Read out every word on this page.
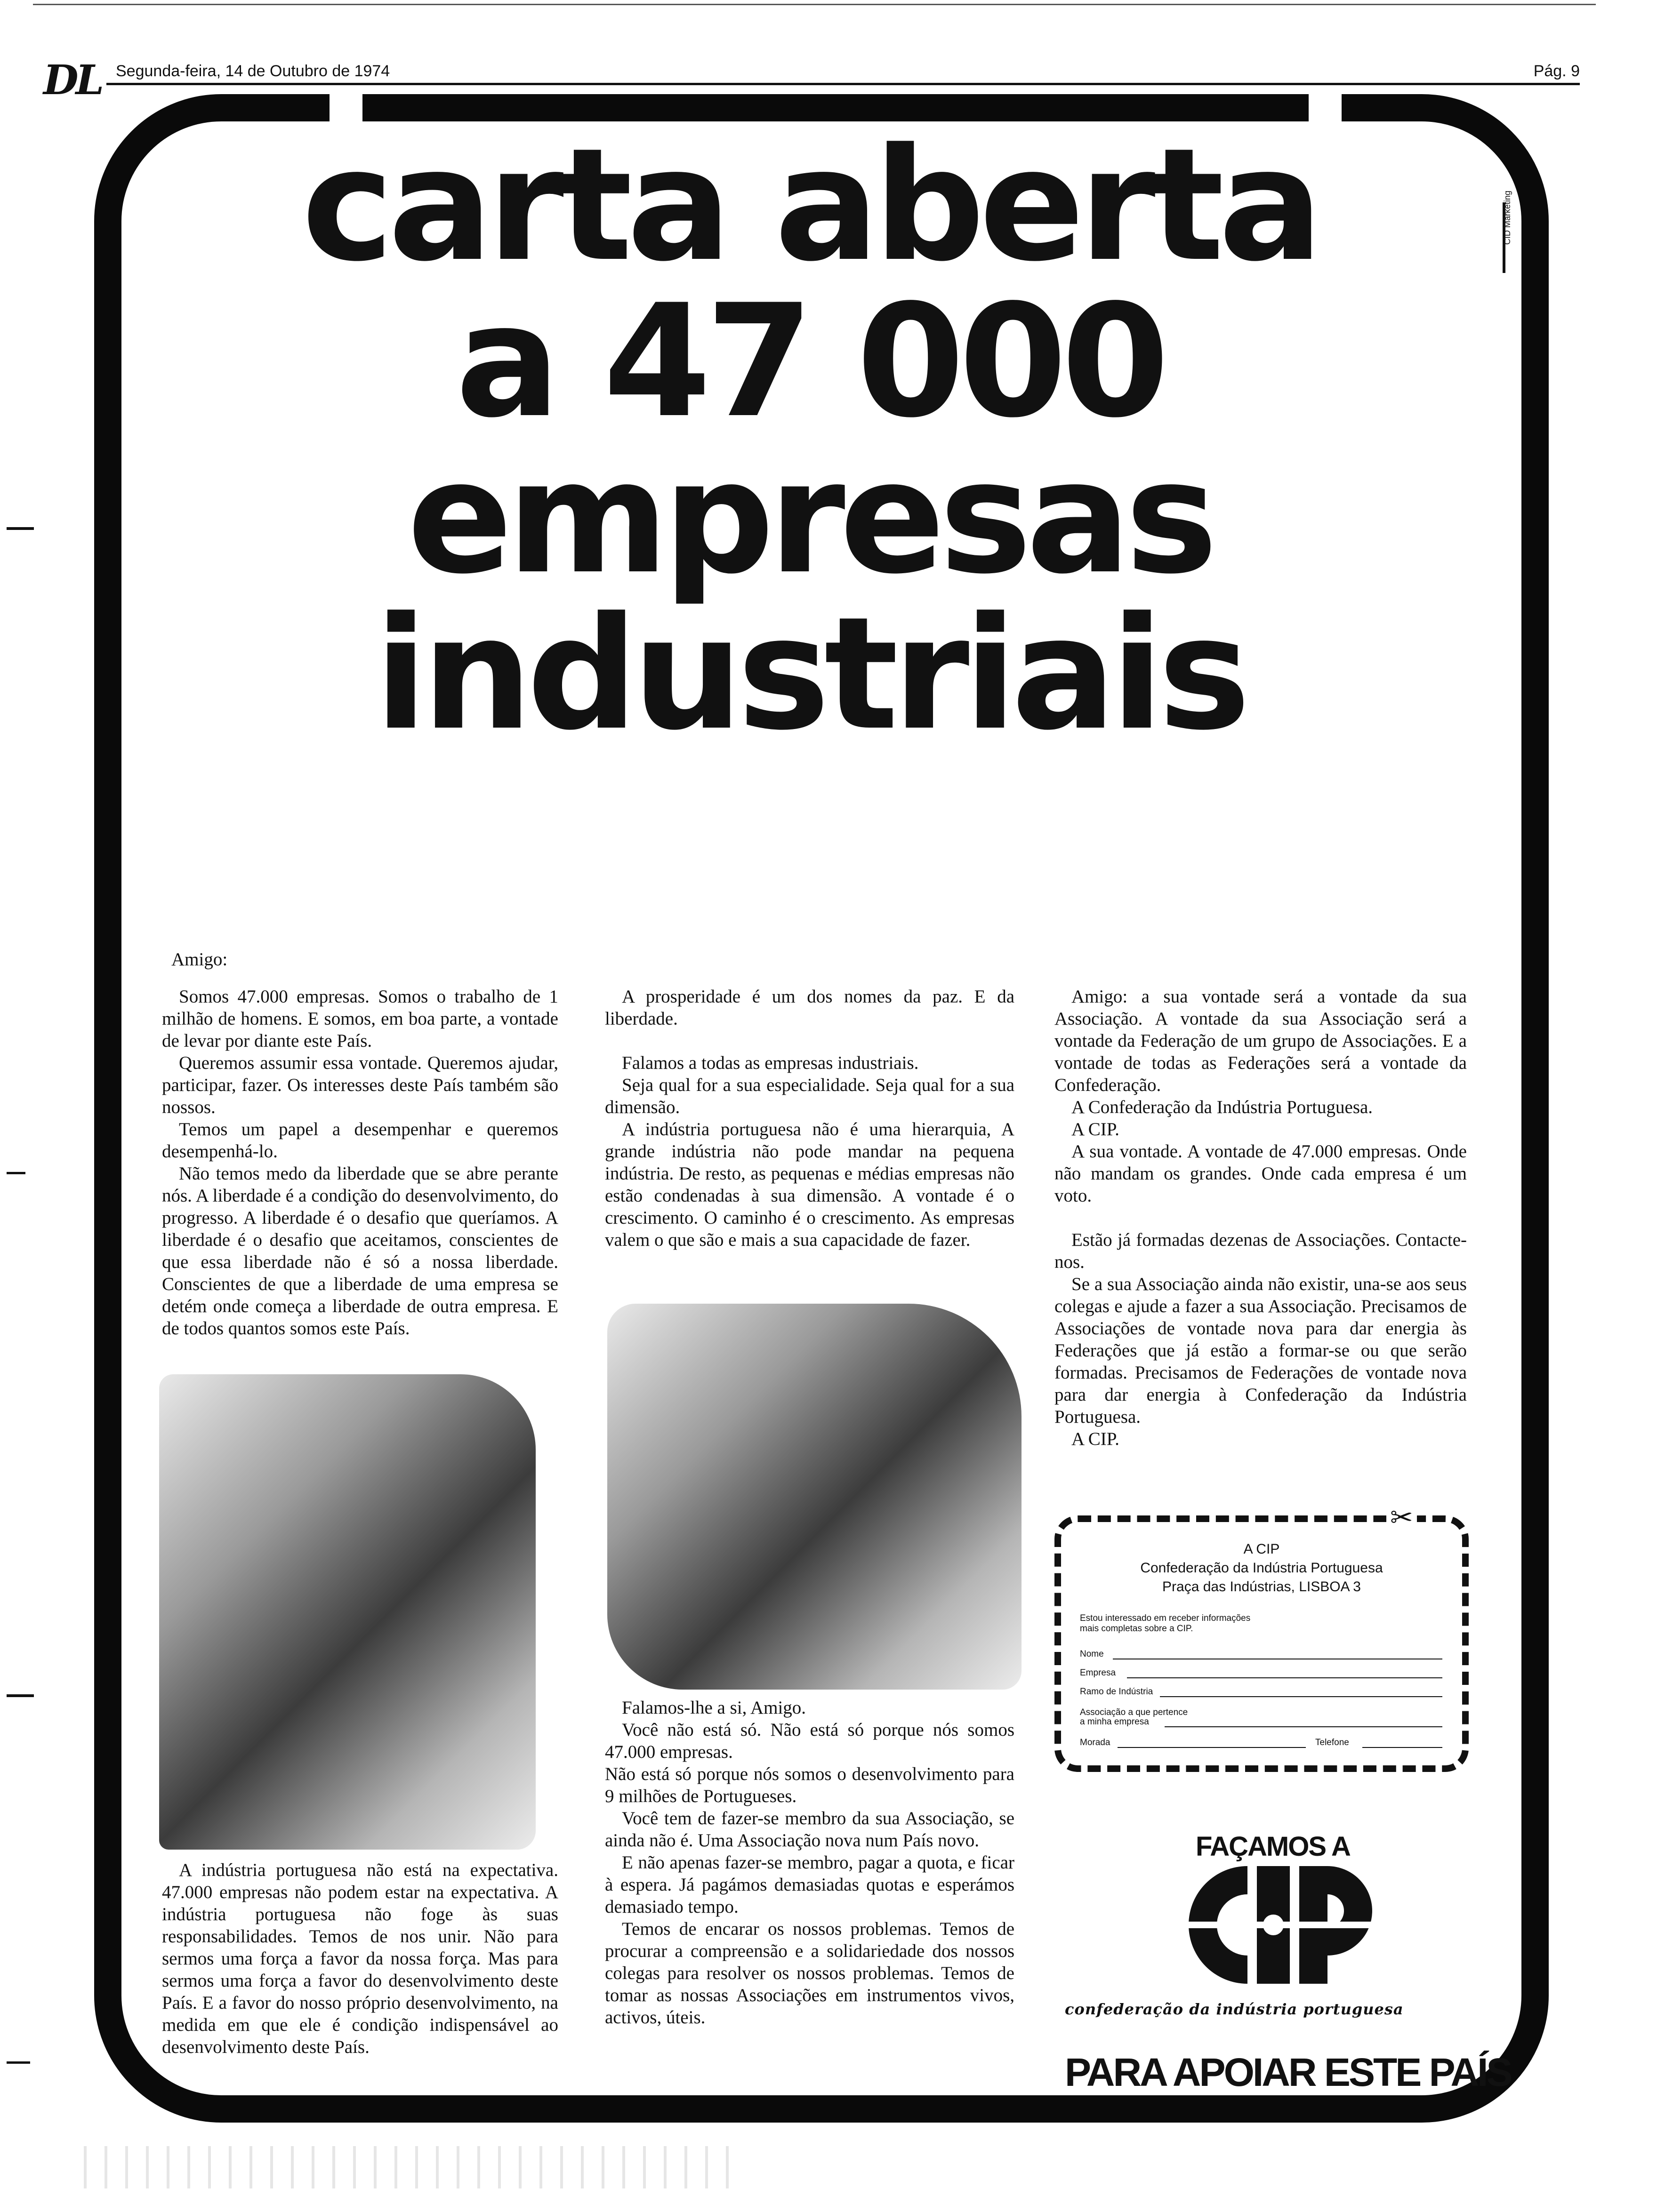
DL Segunda-feira, 14 de Outubro de 1974	Pág. 9
CID Marketing
carta aberta
a 47 000
empresas
industriais
Amigo:

Somos 47.000 empresas. Somos o trabalho de 1 milhão de homens. E somos, em boa parte, a vontade de levar por diante este País.

Queremos assumir essa vontade. Queremos ajudar, participar, fazer. Os interesses deste País também são nossos.

Temos um papel a desempenhar e queremos desempenhá-lo.

Não temos medo da liberdade que se abre perante nós. A liberdade é a condição do desenvolvimento, do progresso. A liberdade é o desafio que queríamos. A liberdade é o desafio que aceitamos, conscientes de que essa liberdade não é só a nossa liberdade. Conscientes de que a liberdade de uma empresa se detém onde começa a liberdade de outra empresa. E de todos quantos somos este País.

A indústria portuguesa não está na expectativa. 47.000 empresas não podem estar na expectativa. A indústria portuguesa não foge às suas responsabilidades. Temos de nos unir. Não para sermos uma força a favor da nossa força. Mas para sermos uma força a favor do desenvolvimento deste País. E a favor do nosso próprio desenvolvimento, na medida em que ele é condição indispensável ao desenvolvimento deste País.

A prosperidade é um dos nomes da paz. E da liberdade.

Falamos a todas as empresas industriais.

Seja qual for a sua especialidade. Seja qual for a sua dimensão.

A indústria portuguesa não é uma hierarquia, A grande indústria não pode mandar na pequena indústria. De resto, as pequenas e médias empresas não estão condenadas à sua dimensão. A vontade é o crescimento. O caminho é o crescimento. As empresas valem o que são e mais a sua capacidade de fazer.

Falamos-lhe a si, Amigo.

Você não está só. Não está só porque nós somos 47.000 empresas.

Não está só porque nós somos o desenvolvimento para 9 milhões de Portugueses.

Você tem de fazer-se membro da sua Associação, se ainda não é. Uma Associação nova num País novo.

E não apenas fazer-se membro, pagar a quota, e ficar à espera. Já pagámos demasiadas quotas e esperámos demasiado tempo.

Temos de encarar os nossos problemas. Temos de procurar a compreensão e a solidariedade dos nossos colegas para resolver os nossos problemas. Temos de tomar as nossas Associações em instrumentos vivos, activos, úteis.

Amigo: a sua vontade será a vontade da sua Associação. A vontade da sua Associação será a vontade da Federação de um grupo de Associações. E a vontade de todas as Federações será a vontade da Confederação.

A Confederação da Indústria Portuguesa.

A CIP.

A sua vontade. A vontade de 47.000 empresas. Onde não mandam os grandes. Onde cada empresa é um voto.

Estão já formadas dezenas de Associações. Contacte-nos.

Se a sua Associação ainda não existir, una-se aos seus colegas e ajude a fazer a sua Associação. Precisamos de Associações de vontade nova para dar energia às Federações que já estão a formar-se ou que serão formadas. Precisamos de Federações de vontade nova para dar energia à Confederação da Indústria Portuguesa.

A CIP.

A CIP
Confederação da Indústria Portuguesa
Praça das Indústrias, LISBOA 3
Estou interessado em receber informações
mais completas sobre a CIP.
Nome
Empresa
Ramo de Indústria
Associação a que pertence
a minha empresa
Morada	Telefone
✂
FAÇAMOS A
confederação da indústria portuguesa
PARA APOIAR ESTE PAÍS
